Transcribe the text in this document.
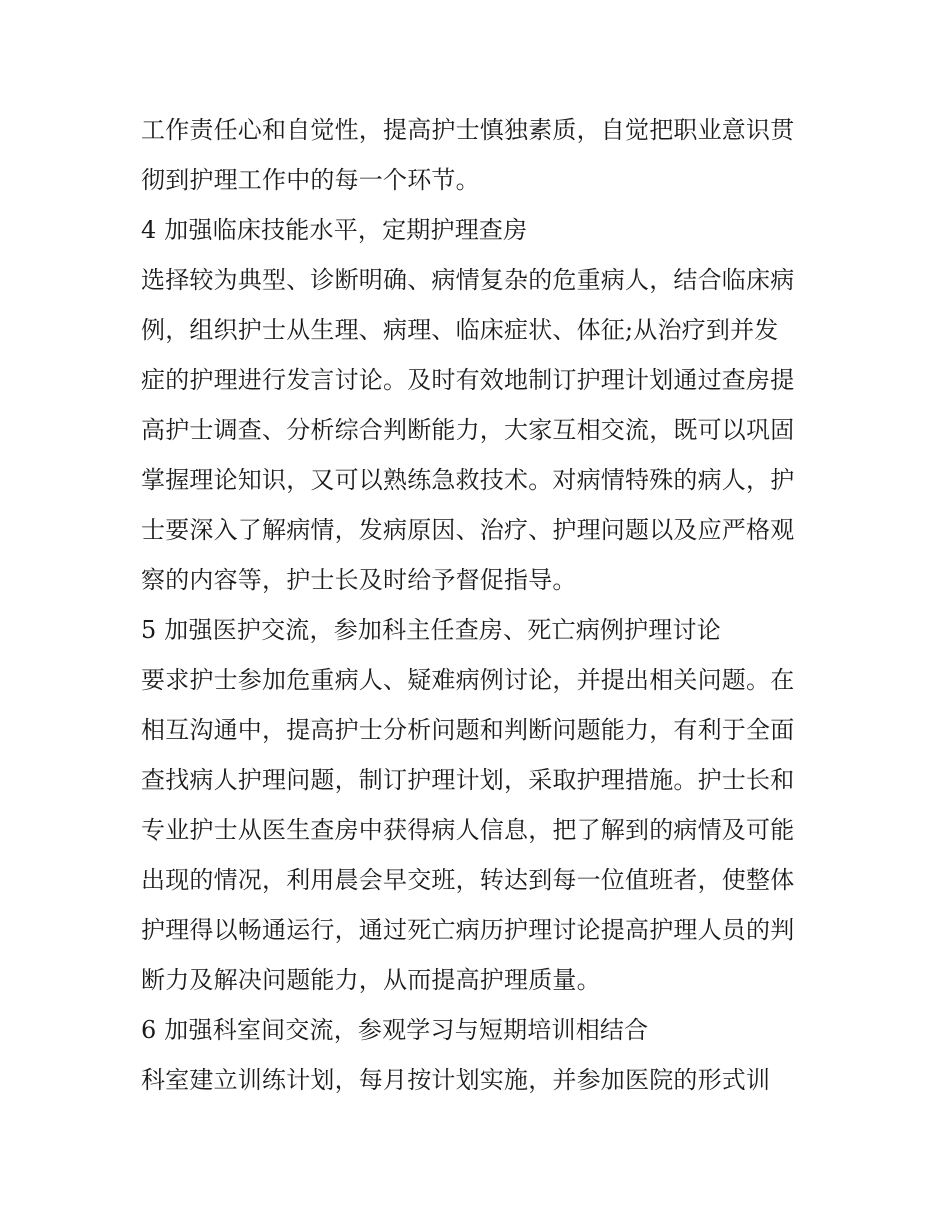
工作责任心和自觉性，提高护士慎独素质，自觉把职业意识贯
彻到护理工作中的每一个环节。
4 加强临床技能水平，定期护理查房
选择较为典型、诊断明确、病情复杂的危重病人，结合临床病
例，组织护士从生理、病理、临床症状、体征;从治疗到并发
症的护理进行发言讨论。及时有效地制订护理计划通过查房提
高护士调查、分析综合判断能力，大家互相交流，既可以巩固
掌握理论知识，又可以熟练急救技术。对病情特殊的病人，护
士要深入了解病情，发病原因、治疗、护理问题以及应严格观
察的内容等，护士长及时给予督促指导。
5 加强医护交流，参加科主任查房、死亡病例护理讨论
要求护士参加危重病人、疑难病例讨论，并提出相关问题。在
相互沟通中，提高护士分析问题和判断问题能力，有利于全面
查找病人护理问题，制订护理计划，采取护理措施。护士长和
专业护士从医生查房中获得病人信息，把了解到的病情及可能
出现的情况，利用晨会早交班，转达到每一位值班者，使整体
护理得以畅通运行，通过死亡病历护理讨论提高护理人员的判
断力及解决问题能力，从而提高护理质量。
6 加强科室间交流，参观学习与短期培训相结合
科室建立训练计划，每月按计划实施，并参加医院的形式训
